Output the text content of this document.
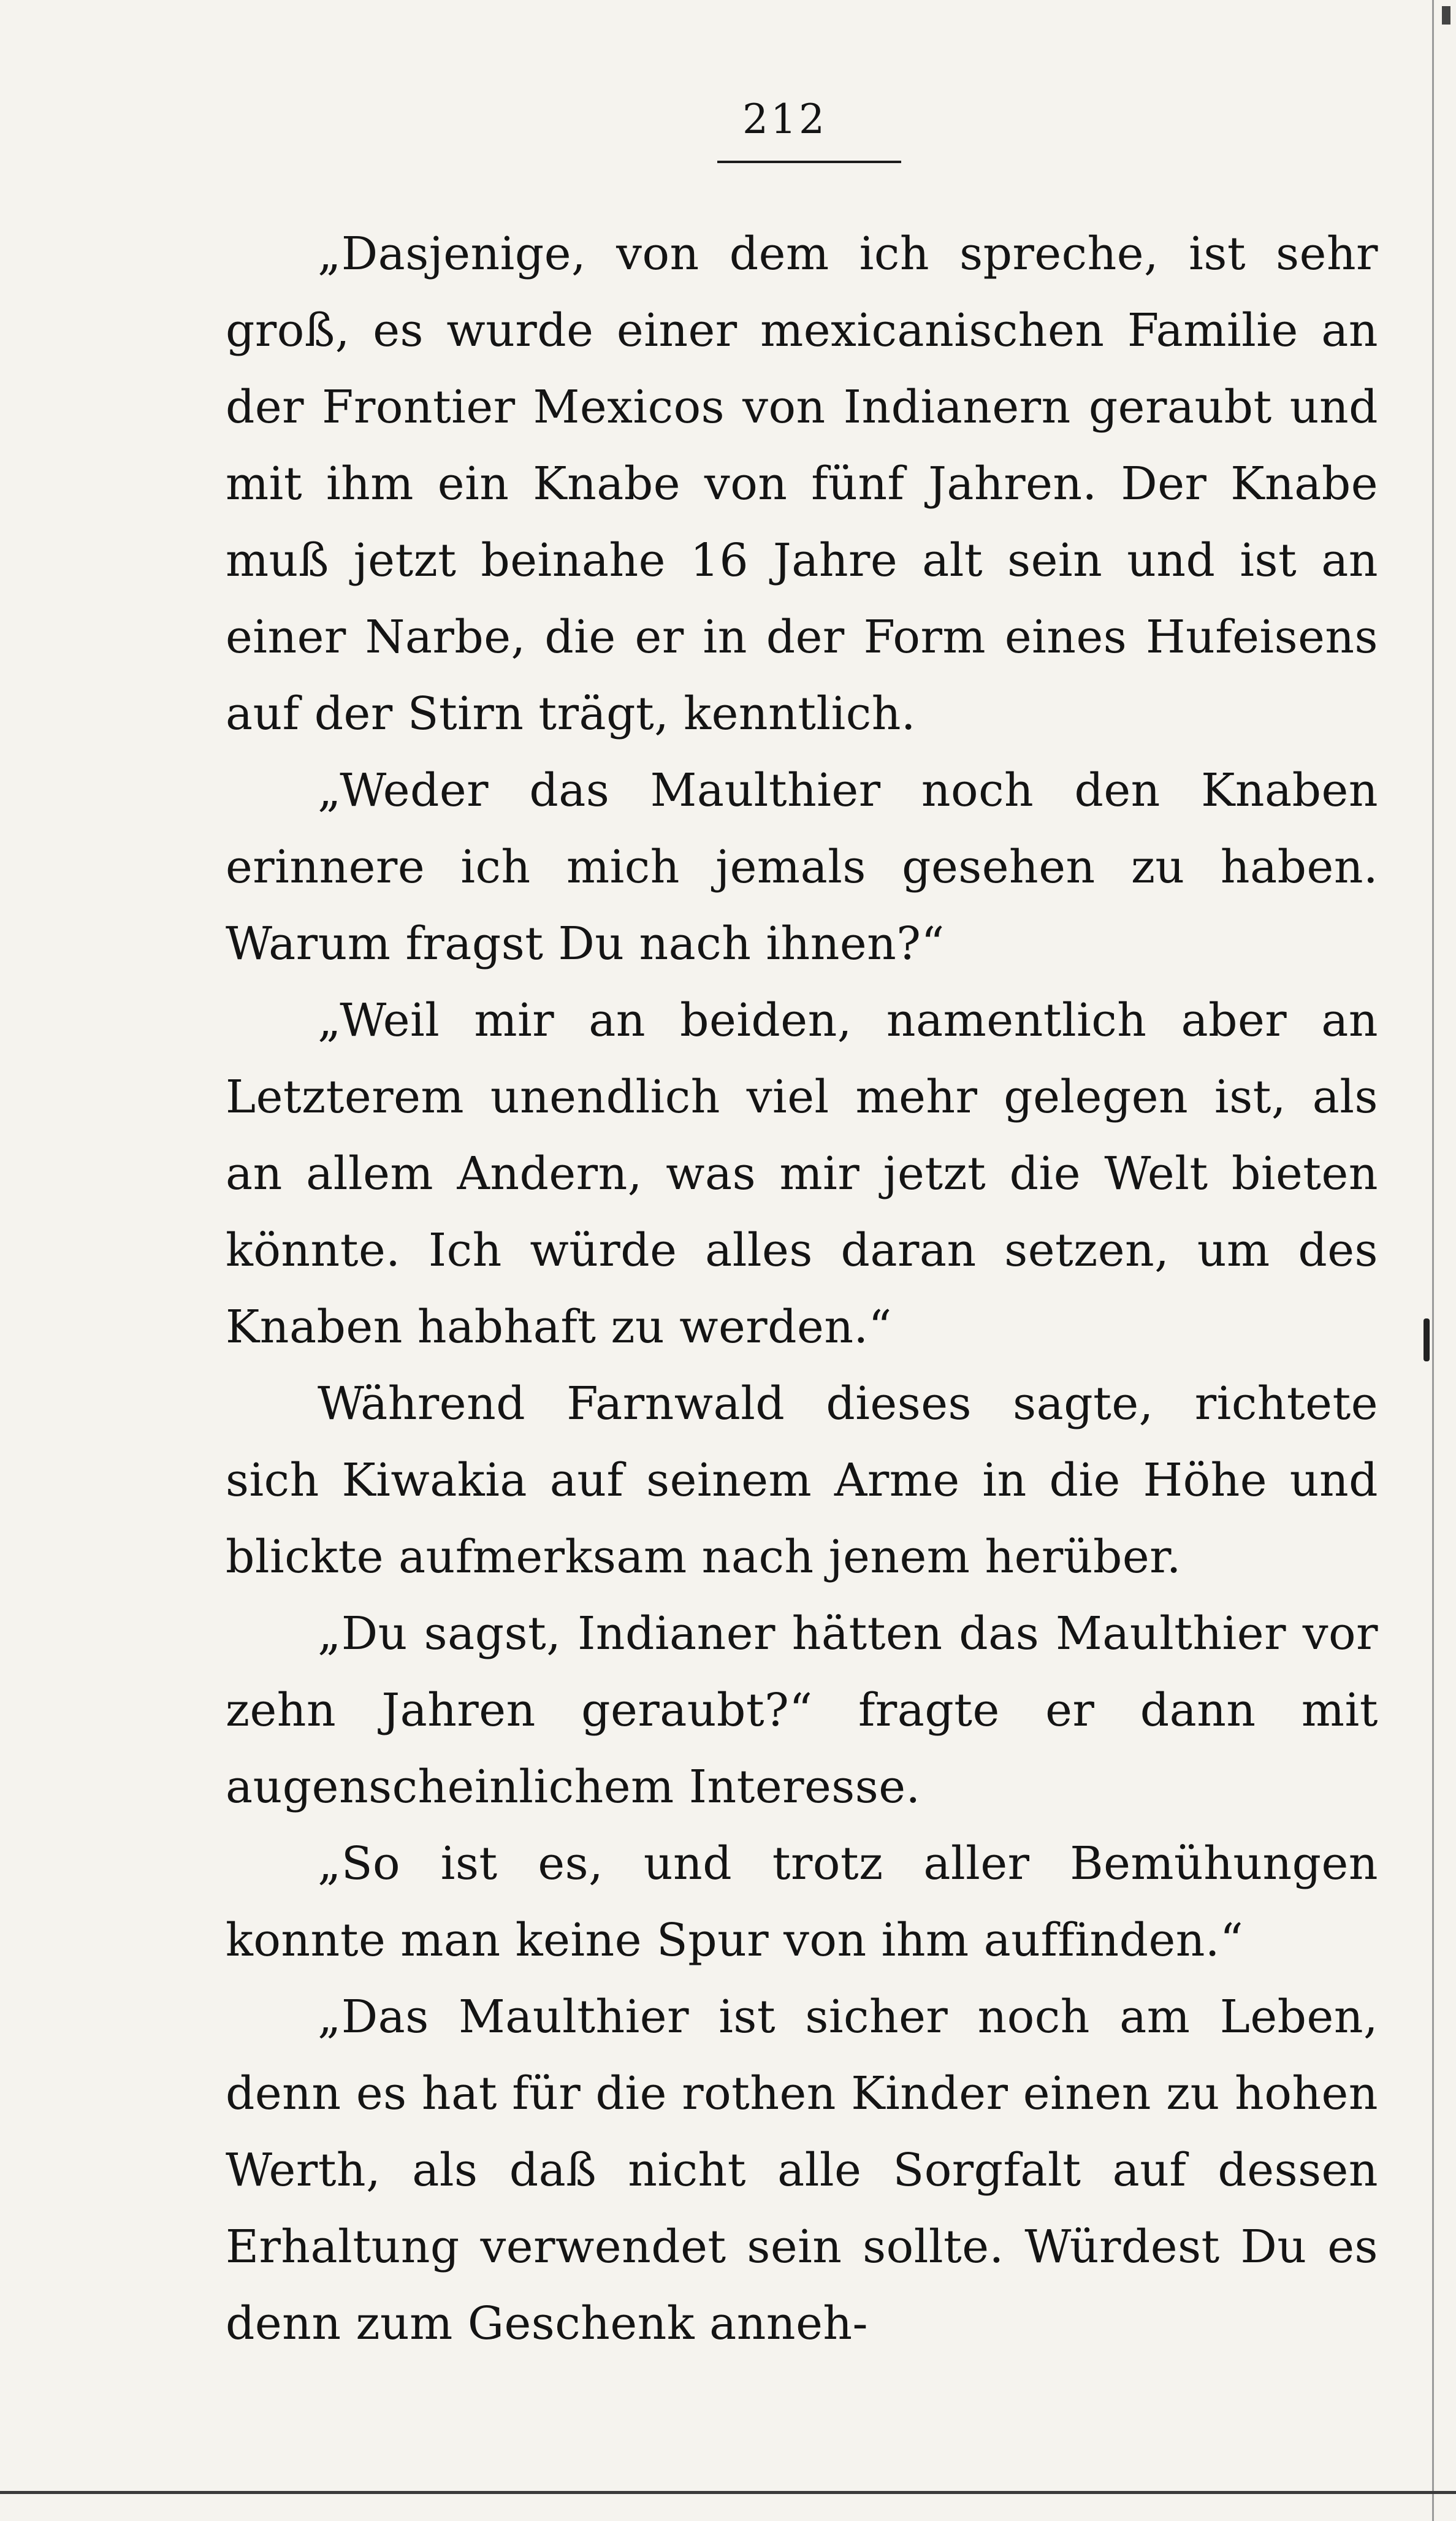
212

„Dasjenige, von dem ich spreche, ist sehr groß, es wurde einer mexicanischen Familie an der Frontier Mexicos von Indianern geraubt und mit ihm ein Knabe von fünf Jahren. Der Knabe muß jetzt beinahe 16 Jahre alt sein und ist an einer Narbe, die er in der Form eines Hufeisens auf der Stirn trägt, kenntlich.

„Weder das Maulthier noch den Knaben erinnere ich mich jemals gesehen zu haben. Warum fragst Du nach ihnen?“

„Weil mir an beiden, namentlich aber an Letzterem unendlich viel mehr gelegen ist, als an allem Andern, was mir jetzt die Welt bieten könnte. Ich würde alles daran setzen, um des Knaben habhaft zu werden.“

Während Farnwald dieses sagte, richtete sich Kiwakia auf seinem Arme in die Höhe und blickte aufmerksam nach jenem herüber.

„Du sagst, Indianer hätten das Maulthier vor zehn Jahren geraubt?“ fragte er dann mit augenscheinlichem Interesse.

„So ist es, und trotz aller Bemühungen konnte man keine Spur von ihm auffinden.“

„Das Maulthier ist sicher noch am Leben, denn es hat für die rothen Kinder einen zu hohen Werth, als daß nicht alle Sorgfalt auf dessen Erhaltung verwendet sein sollte. Würdest Du es denn zum Geschenk anneh-
